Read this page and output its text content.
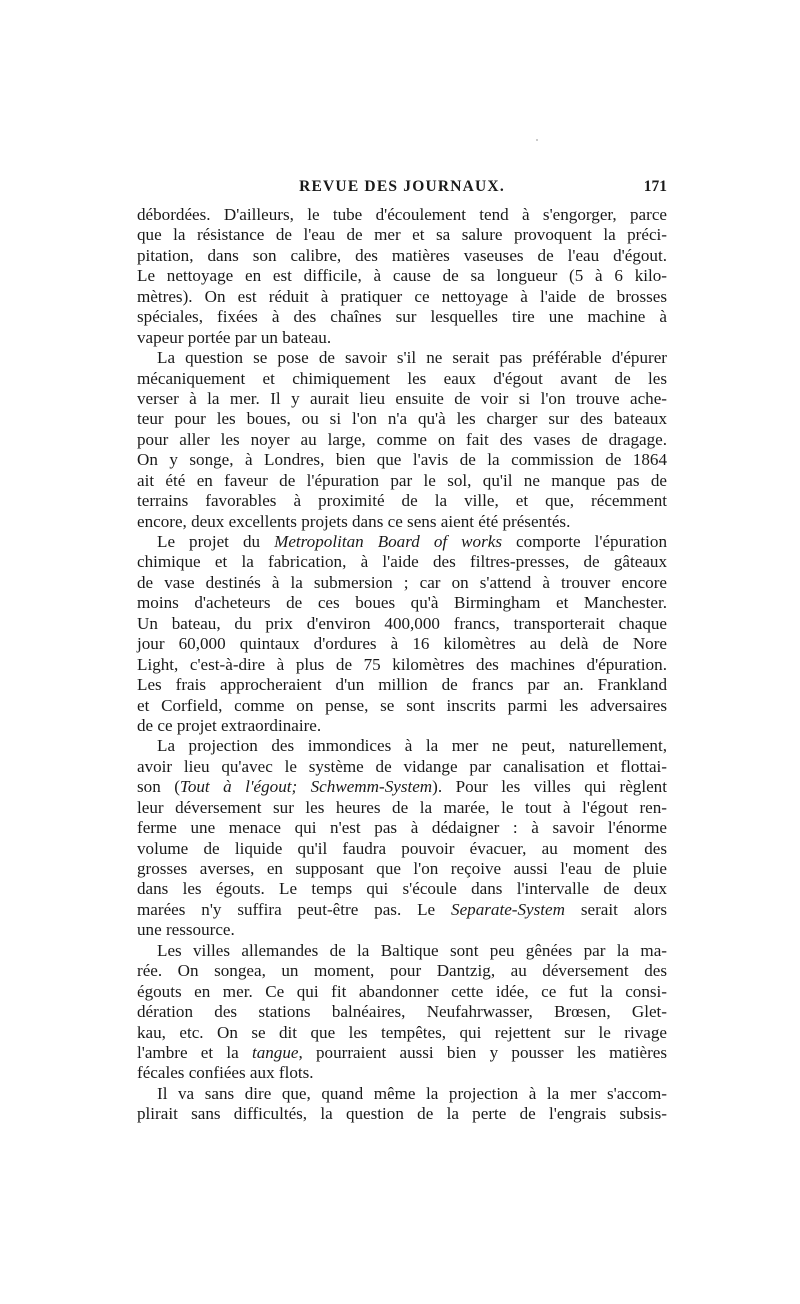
REVUE DES JOURNAUX.	171
débordées. D'ailleurs, le tube d'écoulement tend à s'engorger, parce
que la résistance de l'eau de mer et sa salure provoquent la préci-
pitation, dans son calibre, des matières vaseuses de l'eau d'égout.
Le nettoyage en est difficile, à cause de sa longueur (5 à 6 kilo-
mètres). On est réduit à pratiquer ce nettoyage à l'aide de brosses
spéciales, fixées à des chaînes sur lesquelles tire une machine à
vapeur portée par un bateau.
La question se pose de savoir s'il ne serait pas préférable d'épurer
mécaniquement et chimiquement les eaux d'égout avant de les
verser à la mer. Il y aurait lieu ensuite de voir si l'on trouve ache-
teur pour les boues, ou si l'on n'a qu'à les charger sur des bateaux
pour aller les noyer au large, comme on fait des vases de dragage.
On y songe, à Londres, bien que l'avis de la commission de 1864
ait été en faveur de l'épuration par le sol, qu'il ne manque pas de
terrains favorables à proximité de la ville, et que, récemment
encore, deux excellents projets dans ce sens aient été présentés.
Le projet du Metropolitan Board of works comporte l'épuration
chimique et la fabrication, à l'aide des filtres-presses, de gâteaux
de vase destinés à la submersion ; car on s'attend à trouver encore
moins d'acheteurs de ces boues qu'à Birmingham et Manchester.
Un bateau, du prix d'environ 400,000 francs, transporterait chaque
jour 60,000 quintaux d'ordures à 16 kilomètres au delà de Nore
Light, c'est-à-dire à plus de 75 kilomètres des machines d'épuration.
Les frais approcheraient d'un million de francs par an. Frankland
et Corfield, comme on pense, se sont inscrits parmi les adversaires
de ce projet extraordinaire.
La projection des immondices à la mer ne peut, naturellement,
avoir lieu qu'avec le système de vidange par canalisation et flottai-
son (Tout à l'égout; Schwemm-System). Pour les villes qui règlent
leur déversement sur les heures de la marée, le tout à l'égout ren-
ferme une menace qui n'est pas à dédaigner : à savoir l'énorme
volume de liquide qu'il faudra pouvoir évacuer, au moment des
grosses averses, en supposant que l'on reçoive aussi l'eau de pluie
dans les égouts. Le temps qui s'écoule dans l'intervalle de deux
marées n'y suffira peut-être pas. Le Separate-System serait alors
une ressource.
Les villes allemandes de la Baltique sont peu gênées par la ma-
rée. On songea, un moment, pour Dantzig, au déversement des
égouts en mer. Ce qui fit abandonner cette idée, ce fut la consi-
dération des stations balnéaires, Neufahrwasser, Brœsen, Glet-
kau, etc. On se dit que les tempêtes, qui rejettent sur le rivage
l'ambre et la tangue, pourraient aussi bien y pousser les matières
fécales confiées aux flots.
Il va sans dire que, quand même la projection à la mer s'accom-
plirait sans difficultés, la question de la perte de l'engrais subsis-
